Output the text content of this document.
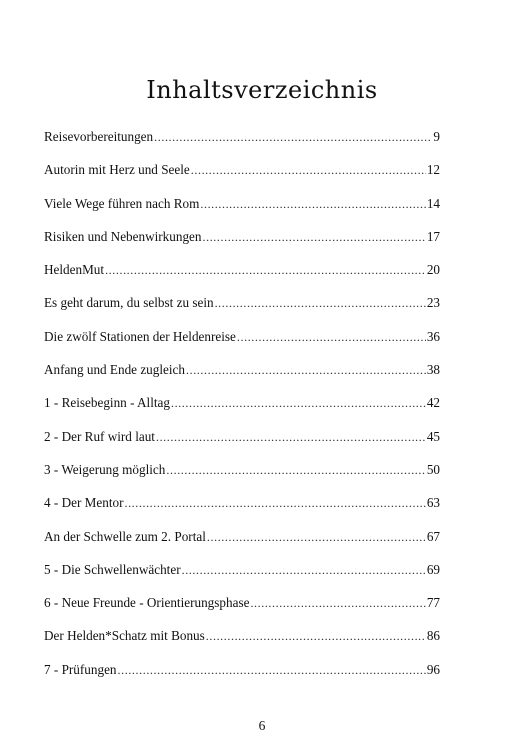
Inhaltsverzeichnis
Reisevorbereitungen .....	9
Autorin mit Herz und Seele .....	12
Viele Wege führen nach Rom .....	14
Risiken und Nebenwirkungen .....	17
HeldenMut .....	20
Es geht darum, du selbst zu sein .....	23
Die zwölf Stationen der Heldenreise .....	36
Anfang und Ende zugleich .....	38
1 - Reisebeginn - Alltag .....	42
2 - Der Ruf wird laut .....	45
3 - Weigerung möglich .....	50
4 - Der Mentor .....	63
An der Schwelle zum 2. Portal .....	67
5 - Die Schwellenwächter .....	69
6 - Neue Freunde - Orientierungsphase .....	77
Der Helden*Schatz mit Bonus .....	86
7 - Prüfungen .....	96
6
